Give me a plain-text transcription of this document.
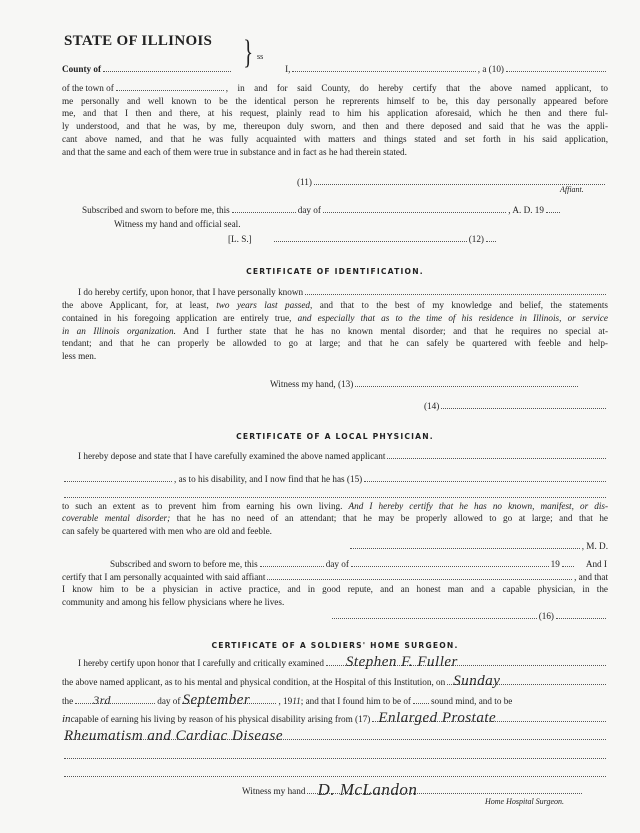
STATE OF ILLINOIS } ss
County of	I,	, a (10)
of the town of	, in and for said County, do hereby certify that the above named applicant, to
me personally and well known to be the identical person he reprerents himself to be, this day personally appeared before
me, and that I then and there, at his request, plainly read to him his application aforesaid, which he then and there ful-
ly understood, and that he was, by me, thereupon duly sworn, and then and there deposed and said that he was the appli-
cant above named, and that he was fully acquainted with matters and things stated and set forth in his said application,
and that the same and each of them were true in substance and in fact as he had therein stated.
(11)
Affiant.
Subscribed and sworn to before me, this	day of	, A. D. 19
Witness my hand and official seal.
[L. S.]	(12)
CERTIFICATE OF IDENTIFICATION.
I do hereby certify, upon honor, that I have personally known
the above Applicant, for, at least, two years last passed, and that to the best of my knowledge and belief, the statements
contained in his foregoing application are entirely true, and especially that as to the time of his residence in Illinois, or service
in an Illinois organization. And I further state that he has no known mental disorder; and that he requires no special at-
tendant; and that he can properly be allowded to go at large; and that he can safely be quartered with feeble and help-
less men.
Witness my hand, (13)
(14)
CERTIFICATE OF A LOCAL PHYSICIAN.
I hereby depose and state that I have carefully examined the above named applicant
, as to his disability, and I now find that he has (15)
to such an extent as to prevent him from earning his own living. And I hereby certify that he has no known, manifest, or dis-
coverable mental disorder; that he has no need of an attendant; that he may be properly allowed to go at large; and that he
can safely be quartered with men who are old and feeble.
, M. D.
Subscribed and sworn to before me, this	day of	19	And I
certify that I am personally acquainted with said affiant	, and that
I know him to be a physician in active practice, and in good repute, and an honest man and a capable physician, in the
community and among his fellow physicians where he lives.
(16)
CERTIFICATE OF A SOLDIERS' HOME SURGEON.
I hereby certify upon honor that I carefully and critically examined Stephen F. Fuller
the above named applicant, as to his mental and physical condition, at the Hospital of this Institution, on Sunday
the 3rd	day of September	, 19 11 ; and that I found him to be of sound mind, and to be
in capable of earning his living by reason of his physical disability arising from (17) Enlarged Prostate
Rheumatism and Cardiac Disease
Witness my hand D. McLandon
Home Hospital Surgeon.
